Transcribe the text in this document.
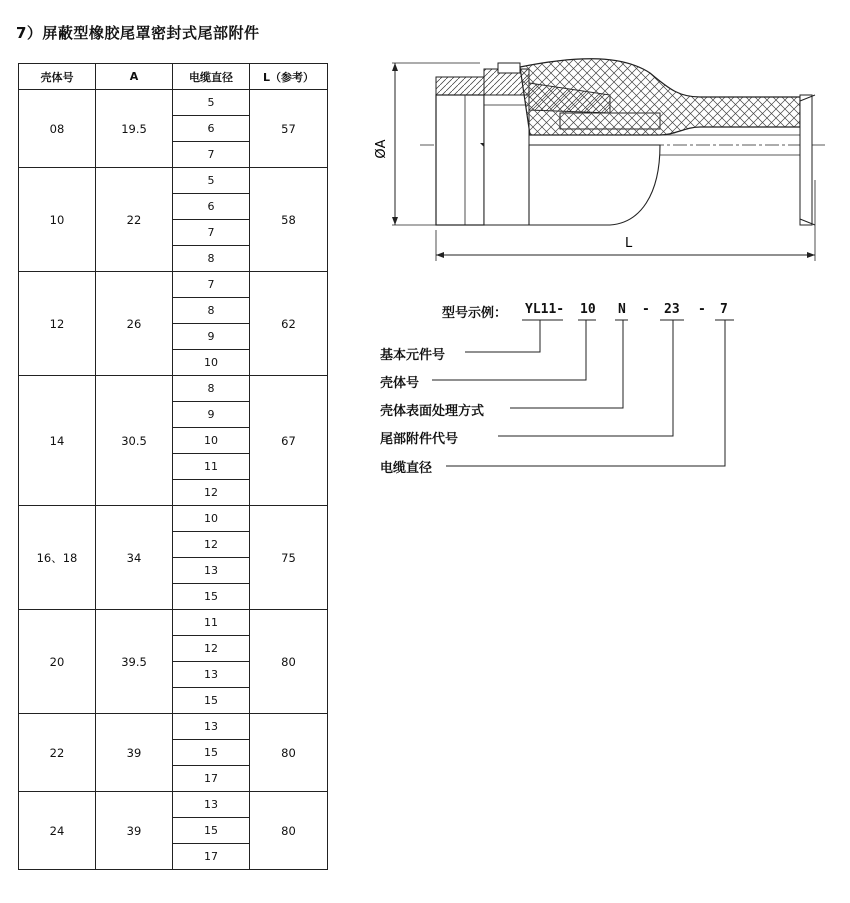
7）屏蔽型橡胶尾罩密封式尾部附件
壳体号	A	电缆直径	L（参考）
08	19.5	5	57
		6	
		7	
10	22	5	58
		6	
		7	
		8	
12	26	7	62
		8	
		9	
		10	
14	30.5	8	67
		9	
		10	
		11	
		12	
16、18	34	10	75
		12	
		13	
		15	
20	39.5	11	80
		12	
		13	
		15	
22	39	13	80
		15	
		17	
24	39	13	80
		15	
		17	
ØA
L
型号示例： YL11- 10 N - 23 - 7
基本元件号
壳体号
壳体表面处理方式
尾部附件代号
电缆直径
